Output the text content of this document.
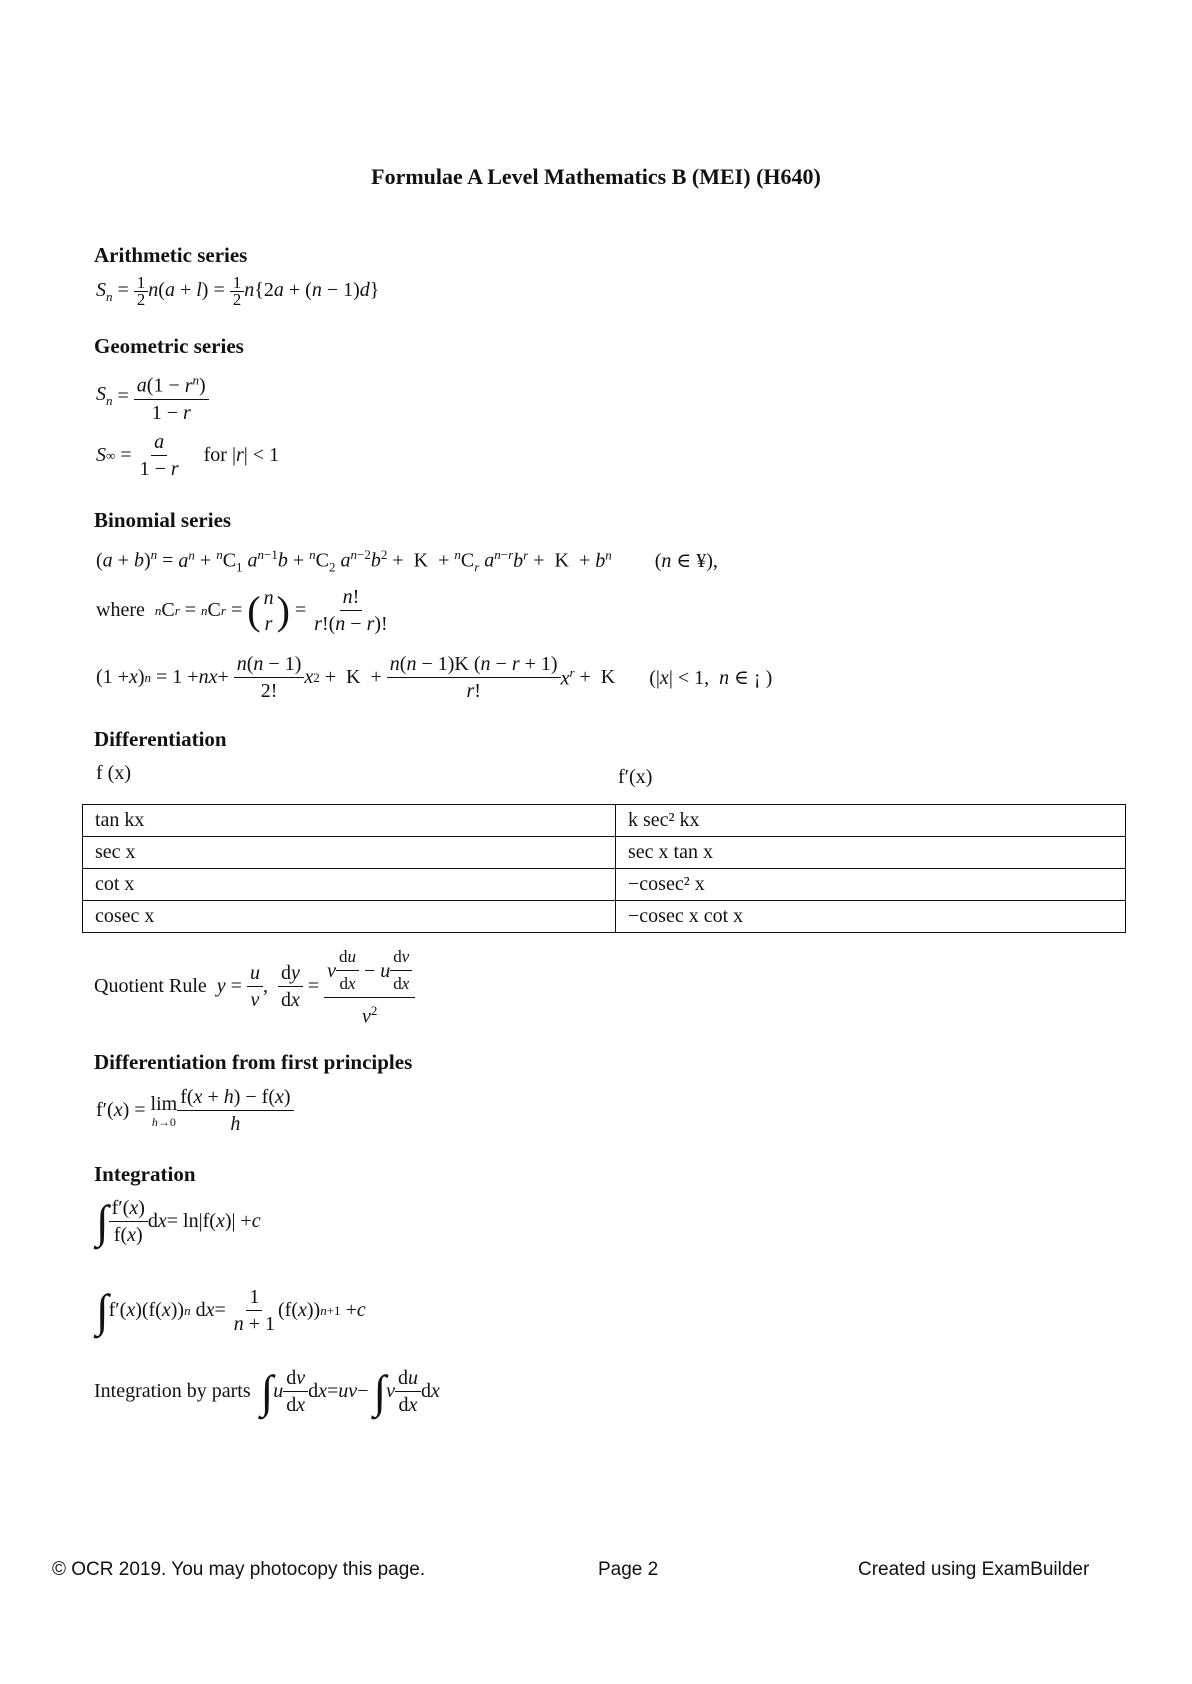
Formulae A Level Mathematics B (MEI) (H640)
Arithmetic series
$S_n = \frac{1}{2} n(a + l) = \frac{1}{2} n\{2a + (n - 1)d\}$
Geometric series
$S_n = \frac{a(1 - r^n)}{1 - r}$
S ∞ = $\frac{a}{1 - r}$ for | r | < 1
Binomial series
$(a + b)^n = a^n + ^nC_1$ $a^{n-1}b + ^nC_2$ $a^{n-2}b^2 + K + ^nC_r$ $a^{n-r}b^r + K + b^n$ (n ∈ ¥),
where
n C r = n C r = ( n
r ) = $\frac{n!}{r!(n - r)!}$
(1 + x ) n = 1 + nx + $\frac{n(n - 1)}{2!}$ x $2 + K + \frac{n(n - 1)K (n - r + 1)}{r!} x^r + K$ (|x| < 1,  n ∈ ¡ )
Differentiation
f (x)	f′(x)
tan kx	k sec² kx
sec x	sec x tan x
cot x	−cosec² x
cosec x	−cosec x cot x
Quotient Rule
$y = \frac{u}{v}$ , $\frac{dy}{dx} = \frac{v \frac{du}{dx} - u \frac{dv}{dx}}{v^2}$
Differentiation from first principles
f′( x ) = lim
$h\to 0 \frac{f(x + h) - f(x)}{h}$
Integration
∫ $\frac{f'(x)}{f(x)}$ d x = ln|f( x )| + c
∫ f′( x )(f( x )) n d $x = \frac{1}{n + 1} (f$( x )) n+1 + c
Integration by parts
∫ u $\frac{dv}{dx}$ d x = uv − ∫ v $\frac{du}{dx}$ d x
© OCR 2019. You may photocopy this page.	Page 2	Created using ExamBuilder
